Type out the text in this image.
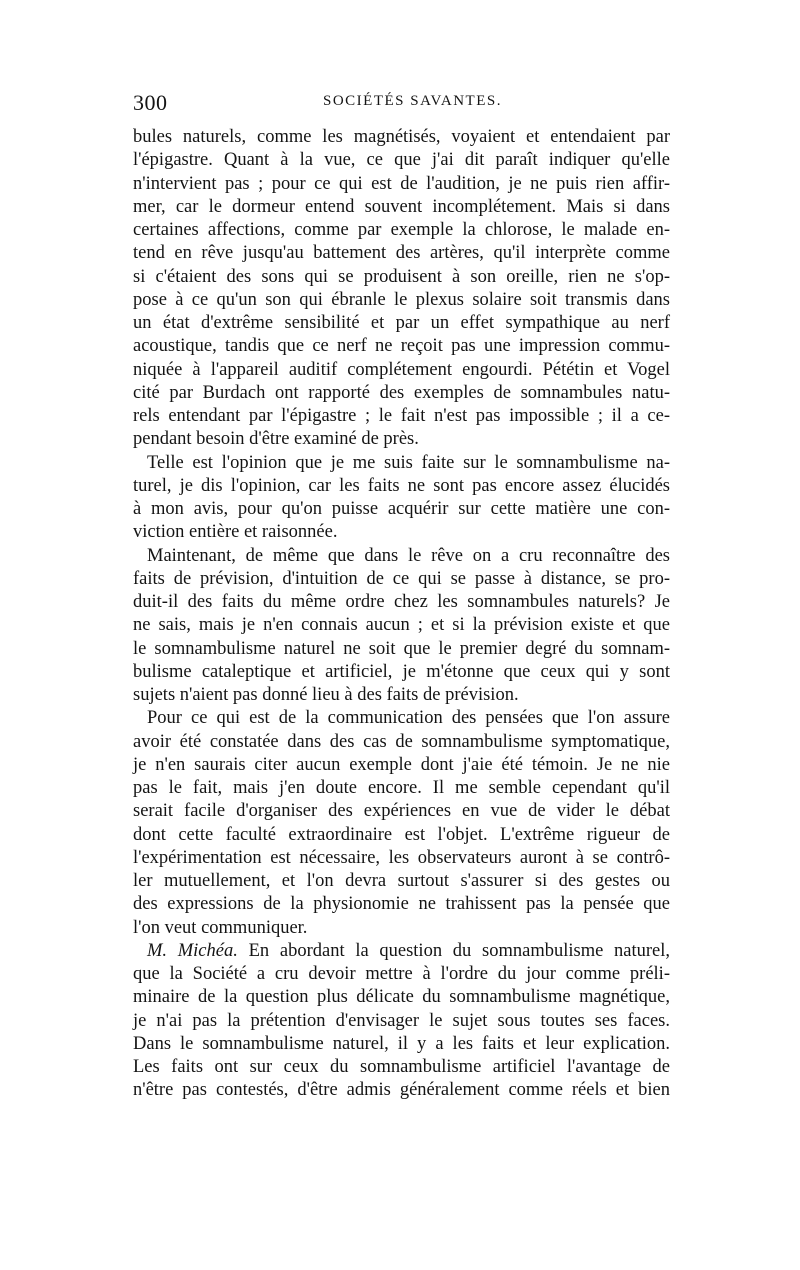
300	SOCIÉTÉS SAVANTES.
bules naturels, comme les magnétisés, voyaient et entendaient par
l'épigastre. Quant à la vue, ce que j'ai dit paraît indiquer qu'elle
n'intervient pas ; pour ce qui est de l'audition, je ne puis rien affir-
mer, car le dormeur entend souvent incomplétement. Mais si dans
certaines affections, comme par exemple la chlorose, le malade en-
tend en rêve jusqu'au battement des artères, qu'il interprète comme
si c'étaient des sons qui se produisent à son oreille, rien ne s'op-
pose à ce qu'un son qui ébranle le plexus solaire soit transmis dans
un état d'extrême sensibilité et par un effet sympathique au nerf
acoustique, tandis que ce nerf ne reçoit pas une impression commu-
niquée à l'appareil auditif complétement engourdi. Pététin et Vogel
cité par Burdach ont rapporté des exemples de somnambules natu-
rels entendant par l'épigastre ; le fait n'est pas impossible ; il a ce-
pendant besoin d'être examiné de près.
Telle est l'opinion que je me suis faite sur le somnambulisme na-
turel, je dis l'opinion, car les faits ne sont pas encore assez élucidés
à mon avis, pour qu'on puisse acquérir sur cette matière une con-
viction entière et raisonnée.
Maintenant, de même que dans le rêve on a cru reconnaître des
faits de prévision, d'intuition de ce qui se passe à distance, se pro-
duit-il des faits du même ordre chez les somnambules naturels? Je
ne sais, mais je n'en connais aucun ; et si la prévision existe et que
le somnambulisme naturel ne soit que le premier degré du somnam-
bulisme cataleptique et artificiel, je m'étonne que ceux qui y sont
sujets n'aient pas donné lieu à des faits de prévision.
Pour ce qui est de la communication des pensées que l'on assure
avoir été constatée dans des cas de somnambulisme symptomatique,
je n'en saurais citer aucun exemple dont j'aie été témoin. Je ne nie
pas le fait, mais j'en doute encore. Il me semble cependant qu'il
serait facile d'organiser des expériences en vue de vider le débat
dont cette faculté extraordinaire est l'objet. L'extrême rigueur de
l'expérimentation est nécessaire, les observateurs auront à se contrô-
ler mutuellement, et l'on devra surtout s'assurer si des gestes ou
des expressions de la physionomie ne trahissent pas la pensée que
l'on veut communiquer.
M. Michéa. En abordant la question du somnambulisme naturel,
que la Société a cru devoir mettre à l'ordre du jour comme préli-
minaire de la question plus délicate du somnambulisme magnétique,
je n'ai pas la prétention d'envisager le sujet sous toutes ses faces.
Dans le somnambulisme naturel, il y a les faits et leur explication.
Les faits ont sur ceux du somnambulisme artificiel l'avantage de
n'être pas contestés, d'être admis généralement comme réels et bien
